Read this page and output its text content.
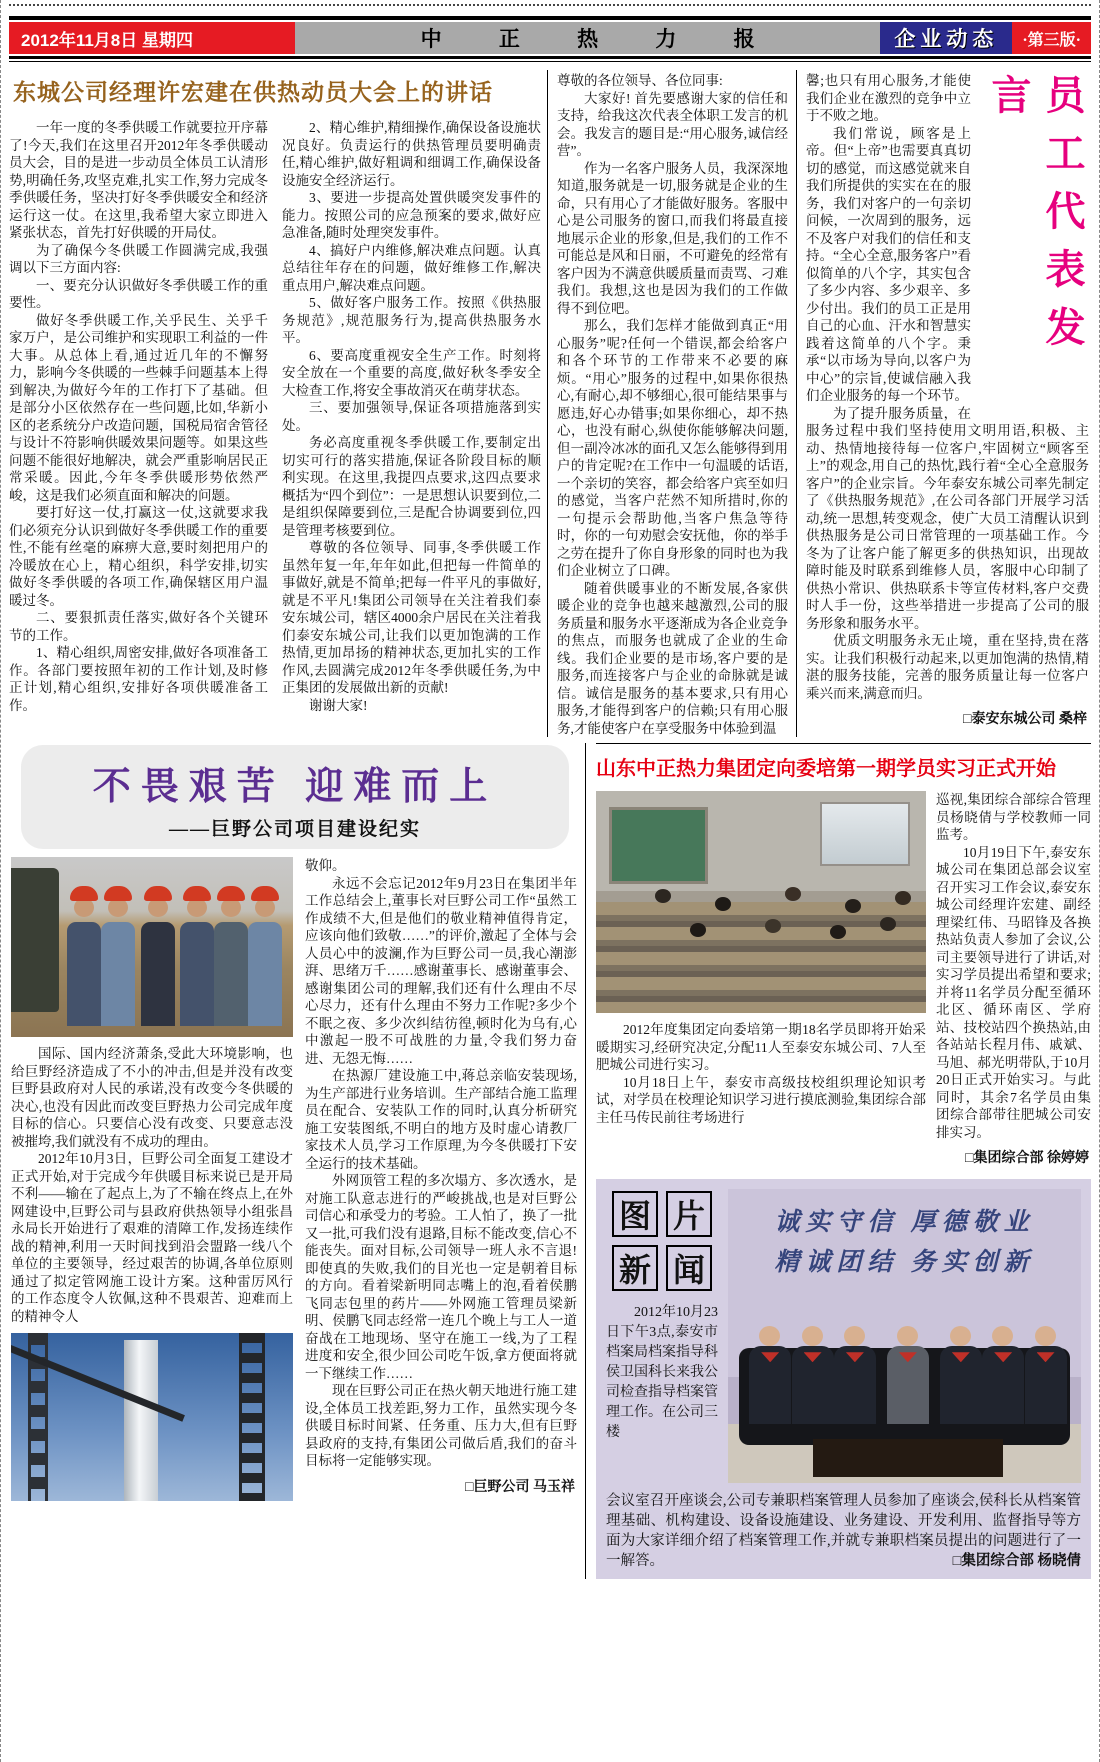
2012年11月8日 星期四	中 正 热 力 报	企业动态	·第三版·
东城公司经理许宏建在供热动员大会上的讲话

一年一度的冬季供暖工作就要拉开序幕了!今天,我们在这里召开2012年冬季供暖动员大会，目的是进一步动员全体员工认清形势,明确任务,攻坚克难,扎实工作,努力完成冬季供暖任务，坚决打好冬季供暖安全和经济运行这一仗。在这里,我希望大家立即进入紧张状态，首先打好供暖的开局仗。

为了确保今冬供暖工作圆满完成,我强调以下三方面内容:

一、要充分认识做好冬季供暖工作的重要性。

做好冬季供暖工作,关乎民生、关乎千家万户，是公司维护和实现职工利益的一件大事。从总体上看,通过近几年的不懈努力，影响今冬供暖的一些棘手问题基本上得到解决,为做好今年的工作打下了基础。但是部分小区依然存在一些问题,比如,华新小区的老系统分户改造问题，国税局宿舍管径与设计不符影响供暖效果问题等。如果这些问题不能很好地解决，就会严重影响居民正常采暖。因此,今年冬季供暖形势依然严峻，这是我们必须直面和解决的问题。

要打好这一仗,打赢这一仗,这就要求我们必须充分认识到做好冬季供暖工作的重要性,不能有丝毫的麻痹大意,要时刻把用户的冷暖放在心上，精心组织，科学安排,切实做好冬季供暖的各项工作,确保辖区用户温暖过冬。

二、要狠抓责任落实,做好各个关键环节的工作。

1、精心组织,周密安排,做好各项准备工作。各部门要按照年初的工作计划,及时修正计划,精心组织,安排好各项供暖准备工作。

2、精心维护,精细操作,确保设备设施状况良好。负责运行的供热管理员要明确责任,精心维护,做好粗调和细调工作,确保设备设施安全经济运行。

3、要进一步提高处置供暖突发事件的能力。按照公司的应急预案的要求,做好应急准备,随时处理突发事件。

4、搞好户内维修,解决难点问题。认真总结往年存在的问题，做好维修工作,解决重点用户,解决难点问题。

5、做好客户服务工作。按照《供热服务规范》,规范服务行为,提高供热服务水平。

6、要高度重视安全生产工作。时刻将安全放在一个重要的高度,做好秋冬季安全大检查工作,将安全事故消灭在萌芽状态。

三、要加强领导,保证各项措施落到实处。

务必高度重视冬季供暖工作,要制定出切实可行的落实措施,保证各阶段目标的顺利实现。在这里,我提四点要求,这四点要求概括为“四个到位”：一是思想认识要到位,二是组织保障要到位,三是配合协调要到位,四是管理考核要到位。

尊敬的各位领导、同事,冬季供暖工作虽然年复一年,年年如此,但把每一件简单的事做好,就是不简单;把每一件平凡的事做好,就是不平凡!集团公司领导在关注着我们泰安东城公司，辖区4000余户居民在关注着我们泰安东城公司,让我们以更加饱满的工作热情,更加昂扬的精神状态,更加扎实的工作作风,去圆满完成2012年冬季供暖任务,为中正集团的发展做出新的贡献!

谢谢大家!

尊敬的各位领导、各位同事:

大家好! 首先要感谢大家的信任和支持，给我这次代表全体职工发言的机会。我发言的题目是:“用心服务,诚信经营”。

作为一名客户服务人员，我深深地知道,服务就是一切,服务就是企业的生命，只有用心了才能做好服务。客服中心是公司服务的窗口,而我们将最直接地展示企业的形象,但是,我们的工作不可能总是风和日丽，不可避免的经常有客户因为不满意供暖质量而责骂、刁难我们。我想,这也是因为我们的工作做得不到位吧。

那么，我们怎样才能做到真正“用心服务”呢?任何一个错误,都会给客户和各个环节的工作带来不必要的麻烦。“用心”服务的过程中,如果你很热心,有耐心,却不够细心,很可能结果事与愿违,好心办错事;如果你细心，却不热心，也没有耐心,纵使你能够解决问题,但一副冷冰冰的面孔又怎么能够得到用户的肯定呢?在工作中一句温暖的话语,一个亲切的笑容，都会给客户宾至如归的感觉，当客户茫然不知所措时,你的一句提示会帮助他,当客户焦急等待时，你的一句劝慰会安抚他，你的举手之劳在提升了你自身形象的同时也为我们企业树立了口碑。

随着供暖事业的不断发展,各家供暖企业的竞争也越来越激烈,公司的服务质量和服务水平逐渐成为各企业竞争的焦点，而服务也就成了企业的生命线。我们企业要的是市场,客户要的是服务,而连接客户与企业的命脉就是诚信。诚信是服务的基本要求,只有用心服务,才能得到客户的信赖;只有用心服务,才能使客户在享受服务中体验到温

员工代表发言

馨;也只有用心服务,才能使我们企业在激烈的竞争中立于不败之地。

我们常说，顾客是上帝。但“上帝”也需要真真切切的感觉，而这感觉就来自我们所提供的实实在在的服务，我们对客户的一句亲切问候，一次周到的服务，远不及客户对我们的信任和支持。“全心全意,服务客户”看似简单的八个字，其实包含了多少内容、多少艰辛、多少付出。我们的员工正是用自己的心血、汗水和智慧实践着这简单的八个字。秉承“以市场为导向,以客户为中心”的宗旨,使诚信融入我们企业服务的每一个环节。

为了提升服务质量，在服务过程中我们坚持使用文明用语,积极、主动、热情地接待每一位客户,牢固树立“顾客至上”的观念,用自己的热忱,践行着“全心全意服务客户”的企业宗旨。今年泰安东城公司率先制定了《供热服务规范》,在公司各部门开展学习活动,统一思想,转变观念，使广大员工清醒认识到供热服务是公司日常管理的一项基础工作。今冬为了让客户能了解更多的供热知识，出现故障时能及时联系到维修人员，客服中心印制了供热小常识、供热联系卡等宣传材料,客户交费时人手一份，这些举措进一步提高了公司的服务形象和服务水平。

优质文明服务永无止境，重在坚持,贵在落实。让我们积极行动起来,以更加饱满的热情,精湛的服务技能，完善的服务质量让每一位客户乘兴而来,满意而归。

□泰安东城公司 桑梓

不畏艰苦 迎难而上
——巨野公司项目建设纪实

国际、国内经济萧条,受此大环境影响，也给巨野经济造成了不小的冲击,但是并没有改变巨野县政府对人民的承诺,没有改变今冬供暖的决心,也没有因此而改变巨野热力公司完成年度目标的信心。只要信心没有改变、只要意志没被摧垮,我们就没有不成功的理由。

2012年10月3日，巨野公司全面复工建设才正式开始,对于完成今年供暖目标来说已是开局不利——输在了起点上,为了不输在终点上,在外网建设中,巨野公司与县政府供热领导小组张昌永局长开始进行了艰难的清障工作,发扬连续作战的精神,利用一天时间找到沿会盟路一线八个单位的主要领导，经过艰苦的协调,各单位原则通过了拟定管网施工设计方案。这种雷厉风行的工作态度令人钦佩,这种不畏艰苦、迎难而上的精神令人

敬仰。

永远不会忘记2012年9月23日在集团半年工作总结会上,董事长对巨野公司工作“虽然工作成绩不大,但是他们的敬业精神值得肯定，应该向他们致敬……”的评价,激起了全体与会人员心中的波澜,作为巨野公司一员,我心潮澎湃、思绪万千……感谢董事长、感谢董事会、感谢集团公司的理解,我们还有什么理由不尽心尽力，还有什么理由不努力工作呢?多少个不眠之夜、多少次纠结彷徨,顿时化为乌有,心中激起一股不可战胜的力量,令我们努力奋进、无怨无悔……

在热源厂建设施工中,蒋总亲临安装现场,为生产部进行业务培训。生产部结合施工监理员在配合、安装队工作的同时,认真分析研究施工安装图纸,不明白的地方及时虚心请教厂家技术人员,学习工作原理,为今冬供暖打下安全运行的技术基础。

外网顶管工程的多次塌方、多次透水，是对施工队意志进行的严峻挑战,也是对巨野公司信心和承受力的考验。工人怕了，换了一批又一批,可我们没有退路,目标不能改变,信心不能丧失。面对目标,公司领导一班人永不言退!即使真的失败,我们的目光也一定是朝着目标的方向。看着梁新明同志嘴上的泡,看着侯鹏飞同志包里的药片——外网施工管理员梁新明、侯鹏飞同志经常一连几个晚上与工人一道奋战在工地现场、坚守在施工一线,为了工程进度和安全,很少回公司吃午饭,拿方便面将就一下继续工作……

现在巨野公司正在热火朝天地进行施工建设,全体员工找差距,努力工作，虽然实现今冬供暖目标时间紧、任务重、压力大,但有巨野县政府的支持,有集团公司做后盾,我们的奋斗目标将一定能够实现。

□巨野公司 马玉祥

山东中正热力集团定向委培第一期学员实习正式开始

2012年度集团定向委培第一期18名学员即将开始采暖期实习,经研究决定,分配11人至泰安东城公司、7人至肥城公司进行实习。

10月18日上午，泰安市高级技校组织理论知识考试，对学员在校理论知识学习进行摸底测验,集团综合部主任马传民前往考场进行

巡视,集团综合部综合管理员杨晓倩与学校教师一同监考。

10月19日下午,泰安东城公司在集团总部会议室召开实习工作会议,泰安东城公司经理许宏建、副经理梁红伟、马昭锋及各换热站负责人参加了会议,公司主要领导进行了讲话,对实习学员提出希望和要求;并将11名学员分配至循环北区、循环南区、学府站、技校站四个换热站,由各站站长程月伟、戚斌、马旭、郝光明带队,于10月20日正式开始实习。与此同时，其余7名学员由集团综合部带往肥城公司安排实习。

□集团综合部 徐婷婷

图 片
新 闻

2012年10月23日下午3点,泰安市档案局档案指导科侯卫国科长来我公司检查指导档案管理工作。在公司三楼

诚实守信 厚德敬业
精诚团结 务实创新
会议室召开座谈会,公司专兼职档案管理人员参加了座谈会,侯科长从档案管理基础、机构建设、设备设施建设、业务建设、开发利用、监督指导等方面为大家详细介绍了档案管理工作,并就专兼职档案员提出的问题进行了一一解答。	□集团综合部 杨晓倩
